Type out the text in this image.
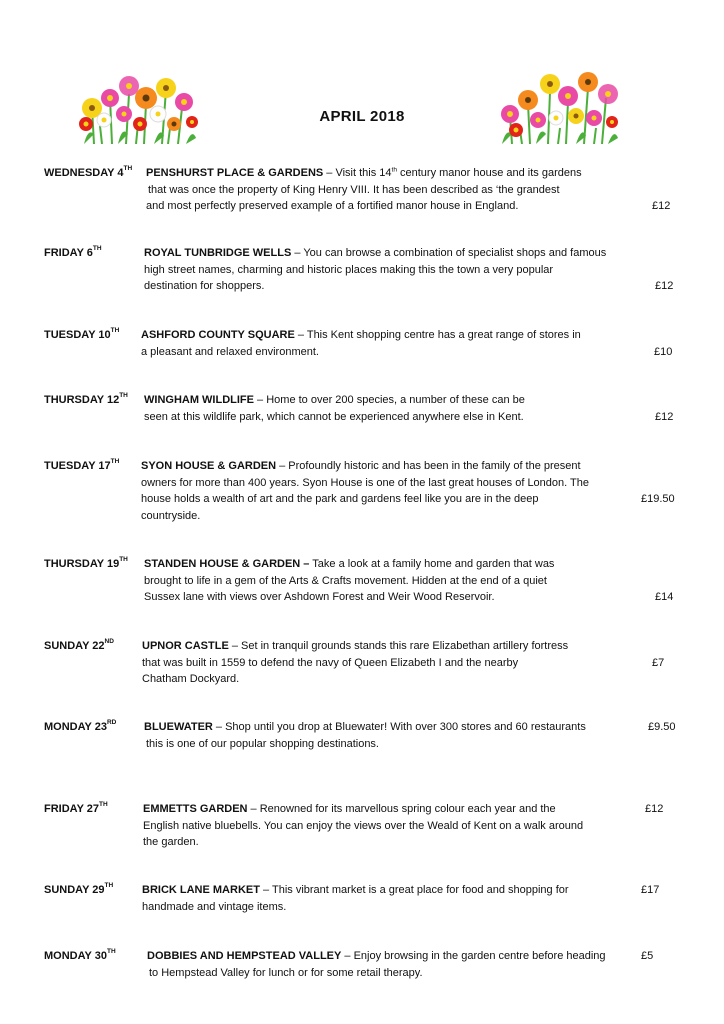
APRIL 2018
WEDNESDAY 4TH PENSHURST PLACE & GARDENS – Visit this 14th century manor house and its gardens
that was once the property of King Henry VIII. It has been described as ‘the grandest
and most perfectly preserved example of a fortified manor house in England.	£12
FRIDAY 6TH	ROYAL TUNBRIDGE WELLS – You can browse a combination of specialist shops and famous
high street names, charming and historic places making this the town a very popular
destination for shoppers.	£12
TUESDAY 10TH ASHFORD COUNTY SQUARE – This Kent shopping centre has a great range of stores in
a pleasant and relaxed environment.	£10
THURSDAY 12TH WINGHAM WILDLIFE – Home to over 200 species, a number of these can be
seen at this wildlife park, which cannot be experienced anywhere else in Kent.	£12
TUESDAY 17TH SYON HOUSE & GARDEN – Profoundly historic and has been in the family of the present
owners for more than 400 years. Syon House is one of the last great houses of London. The
house holds a wealth of art and the park and gardens feel like you are in the deep
countryside.
£19.50
THURSDAY 19TH STANDEN HOUSE & GARDEN – Take a look at a family home and garden that was
brought to life in a gem of the Arts & Crafts movement. Hidden at the end of a quiet
Sussex lane with views over Ashdown Forest and Weir Wood Reservoir.	£14
SUNDAY 22ND	UPNOR CASTLE – Set in tranquil grounds stands this rare Elizabethan artillery fortress
that was built in 1559 to defend the navy of Queen Elizabeth I and the nearby
Chatham Dockyard.
£7
MONDAY 23RD	BLUEWATER – Shop until you drop at Bluewater! With over 300 stores and 60 restaurants
this is one of our popular shopping destinations.
£9.50
FRIDAY 27TH	EMMETTS GARDEN – Renowned for its marvellous spring colour each year and the
English native bluebells. You can enjoy the views over the Weald of Kent on a walk around
the garden.
£12
SUNDAY 29TH	BRICK LANE MARKET – This vibrant market is a great place for food and shopping for
handmade and vintage items.
£17
MONDAY 30TH	DOBBIES AND HEMPSTEAD VALLEY – Enjoy browsing in the garden centre before heading
to Hempstead Valley for lunch or for some retail therapy.
£5
